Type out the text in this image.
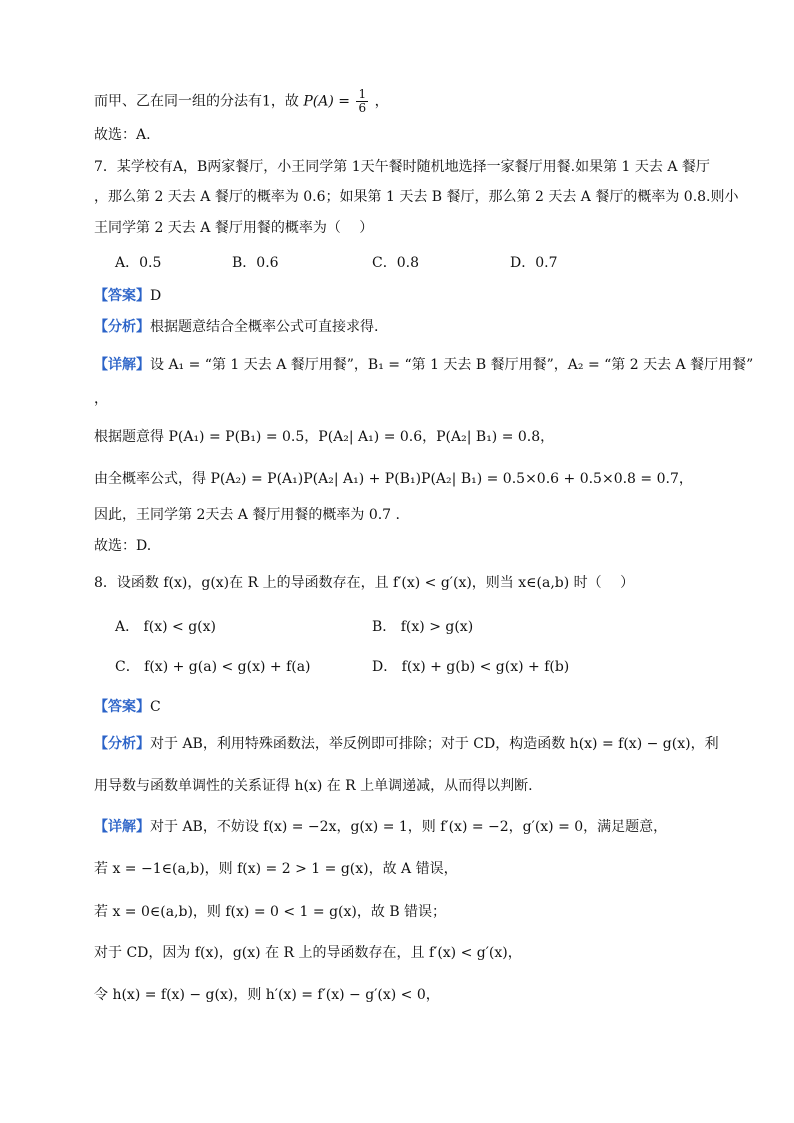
而甲、乙在同一组的分法有1，故 $P(A) = \frac{1}{6}$ ，
故选：A.
7．某学校有A，B两家餐厅，小王同学第 1天午餐时随机地选择一家餐厅用餐.如果第 1 天去 A 餐厅
，那么第 2 天去 A 餐厅的概率为 0.6；如果第 1 天去 B 餐厅，那么第 2 天去 A 餐厅的概率为 0.8.则小
王同学第 2 天去 A 餐厅用餐的概率为（　 ）
A．0.5	B．0.6	C．0.8	D．0.7
【答案】D
【分析】根据题意结合全概率公式可直接求得.
【详解】设 A₁ = “第 1 天去 A 餐厅用餐”，B₁ = “第 1 天去 B 餐厅用餐”，A₂ = “第 2 天去 A 餐厅用餐”
，
根据题意得 P(A₁) = P(B₁) = 0.5，P(A₂| A₁) = 0.6，P(A₂| B₁) = 0.8，
由全概率公式，得 P(A₂) = P(A₁)P(A₂| A₁) + P(B₁)P(A₂| B₁) = 0.5×0.6 + 0.5×0.8 = 0.7，
因此，王同学第 2天去 A 餐厅用餐的概率为 0.7 .
故选：D.
8．设函数 f(x)，g(x)在 R 上的导函数存在，且 f′(x) < g′(x)，则当 x∈(a,b) 时（　 ）
A． f(x) < g(x)	B． f(x) > g(x)
C． f(x) + g(a) < g(x) + f(a)	D． f(x) + g(b) < g(x) + f(b)
【答案】C
【分析】对于 AB，利用特殊函数法，举反例即可排除；对于 CD，构造函数 h(x) = f(x) − g(x)，利
用导数与函数单调性的关系证得 h(x) 在 R 上单调递减，从而得以判断.
【详解】对于 AB，不妨设 f(x) = −2x，g(x) = 1，则 f′(x) = −2，g′(x) = 0，满足题意，
若 x = −1∈(a,b)，则 f(x) = 2 > 1 = g(x)，故 A 错误，
若 x = 0∈(a,b)，则 f(x) = 0 < 1 = g(x)，故 B 错误；
对于 CD，因为 f(x)，g(x) 在 R 上的导函数存在，且 f′(x) < g′(x)，
令 h(x) = f(x) − g(x)，则 h′(x) = f′(x) − g′(x) < 0，
